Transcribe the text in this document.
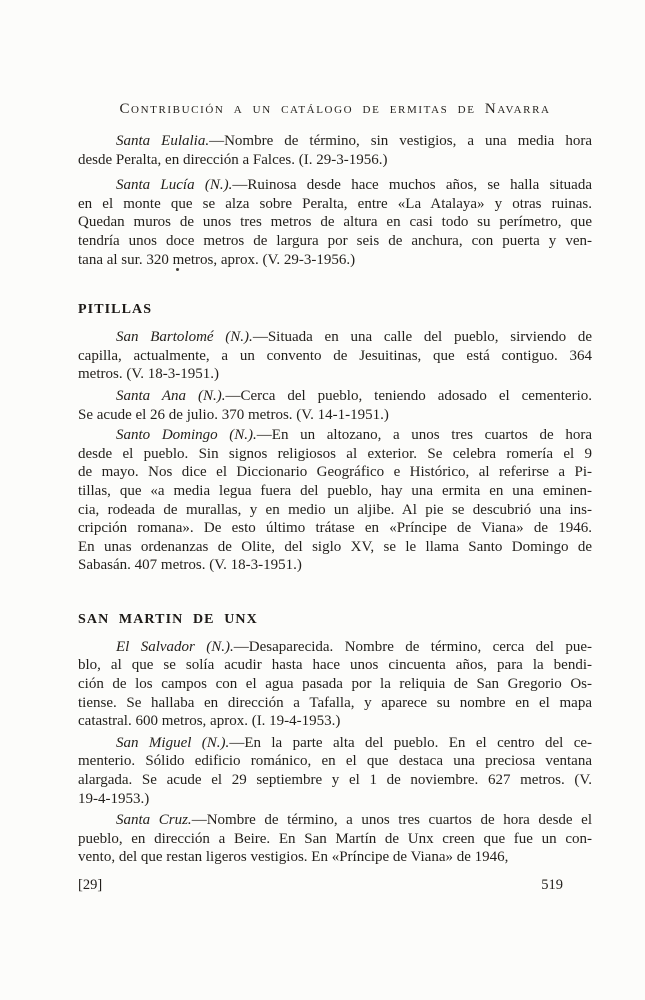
Contribución a un catálogo de ermitas de Navarra
Santa Eulalia.—Nombre de término, sin vestigios, a una media hora
desde Peralta, en dirección a Falces. (I. 29-3-1956.)
Santa Lucía (N.).—Ruinosa desde hace muchos años, se halla situada
en el monte que se alza sobre Peralta, entre «La Atalaya» y otras ruinas.
Quedan muros de unos tres metros de altura en casi todo su perímetro, que
tendría unos doce metros de largura por seis de anchura, con puerta y ven-
tana al sur. 320 metros, aprox. (V. 29-3-1956.)
PITILLAS
San Bartolomé (N.).—Situada en una calle del pueblo, sirviendo de
capilla, actualmente, a un convento de Jesuitinas, que está contiguo. 364
metros. (V. 18-3-1951.)
Santa Ana (N.).—Cerca del pueblo, teniendo adosado el cementerio.
Se acude el 26 de julio. 370 metros. (V. 14-1-1951.)
Santo Domingo (N.).—En un altozano, a unos tres cuartos de hora
desde el pueblo. Sin signos religiosos al exterior. Se celebra romería el 9
de mayo. Nos dice el Diccionario Geográfico e Histórico, al referirse a Pi-
tillas, que «a media legua fuera del pueblo, hay una ermita en una eminen-
cia, rodeada de murallas, y en medio un aljibe. Al pie se descubrió una ins-
cripción romana». De esto último trátase en «Príncipe de Viana» de 1946.
En unas ordenanzas de Olite, del siglo XV, se le llama Santo Domingo de
Sabasán. 407 metros. (V. 18-3-1951.)
SAN MARTIN DE UNX
El Salvador (N.).—Desaparecida. Nombre de término, cerca del pue-
blo, al que se solía acudir hasta hace unos cincuenta años, para la bendi-
ción de los campos con el agua pasada por la reliquia de San Gregorio Os-
tiense. Se hallaba en dirección a Tafalla, y aparece su nombre en el mapa
catastral. 600 metros, aprox. (I. 19-4-1953.)
San Miguel (N.).—En la parte alta del pueblo. En el centro del ce-
menterio. Sólido edificio románico, en el que destaca una preciosa ventana
alargada. Se acude el 29 septiembre y el 1 de noviembre. 627 metros. (V.
19-4-1953.)
Santa Cruz.—Nombre de término, a unos tres cuartos de hora desde el
pueblo, en dirección a Beire. En San Martín de Unx creen que fue un con-
vento, del que restan ligeros vestigios. En «Príncipe de Viana» de 1946,
[29]	519
